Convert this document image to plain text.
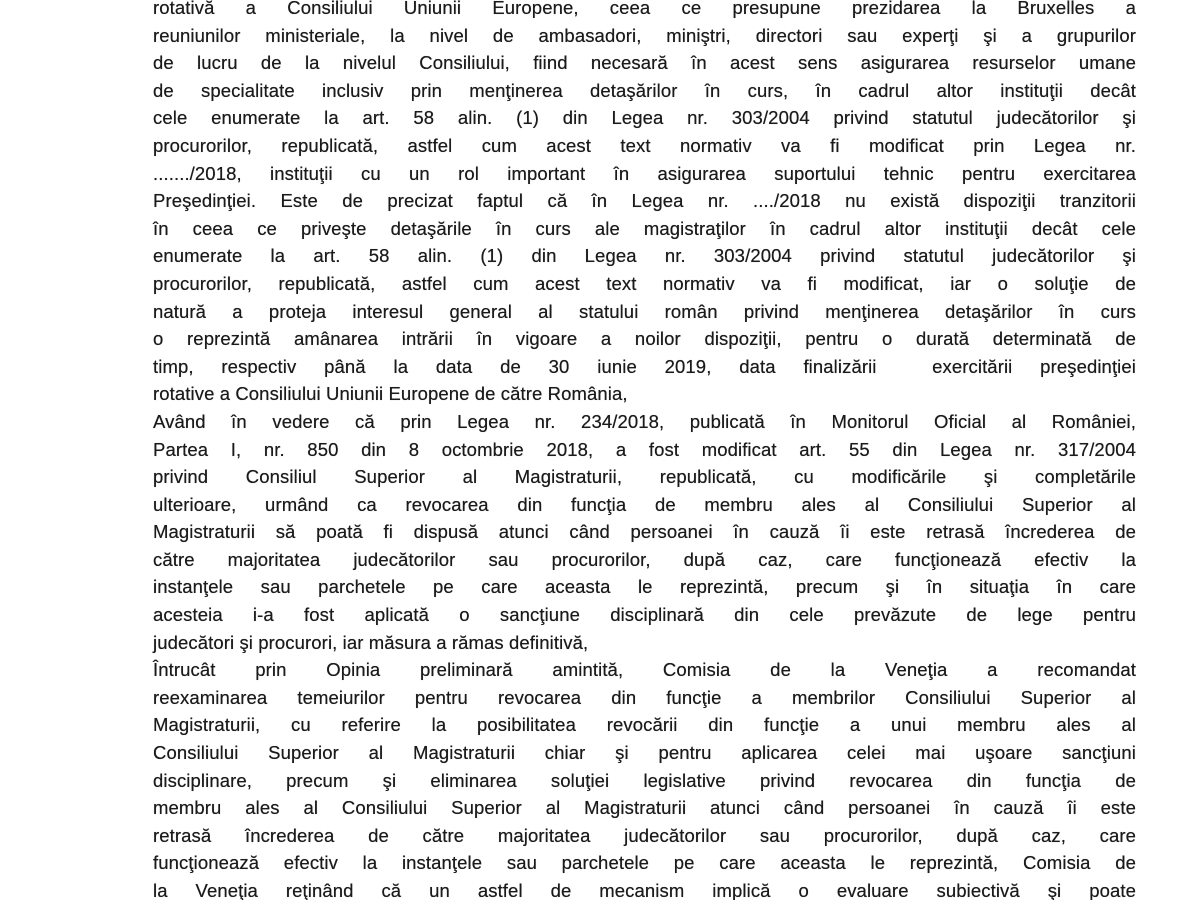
rotativă a Consiliului Uniunii Europene, ceea ce presupune prezidarea la Bruxelles a
reuniunilor ministeriale, la nivel de ambasadori, miniştri, directori sau experţi şi a grupurilor
de lucru de la nivelul Consiliului, fiind necesară în acest sens asigurarea resurselor umane
de specialitate inclusiv prin menţinerea detaşărilor în curs, în cadrul altor instituţii decât
cele enumerate la art. 58 alin. (1) din Legea nr. 303/2004 privind statutul judecătorilor şi
procurorilor, republicată, astfel cum acest text normativ va fi modificat prin Legea nr.
......./2018, instituţii cu un rol important în asigurarea suportului tehnic pentru exercitarea
Preşedinţiei. Este de precizat faptul că în Legea nr. ..../2018 nu există dispoziţii tranzitorii
în ceea ce priveşte detaşările în curs ale magistraţilor în cadrul altor instituţii decât cele
enumerate la art. 58 alin. (1) din Legea nr. 303/2004 privind statutul judecătorilor şi
procurorilor, republicată, astfel cum acest text normativ va fi modificat, iar o soluţie de
natură a proteja interesul general al statului român privind menţinerea detaşărilor în curs
o reprezintă amânarea intrării în vigoare a noilor dispoziţii, pentru o durată determinată de
timp, respectiv până la data de 30 iunie 2019, data finalizării  exercitării preşedinţiei
rotative a Consiliului Uniunii Europene de către România,
Având în vedere că prin Legea nr. 234/2018, publicată în Monitorul Oficial al României,
Partea I, nr. 850 din 8 octombrie 2018, a fost modificat art. 55 din Legea nr. 317/2004
privind Consiliul Superior al Magistraturii, republicată, cu modificările şi completările
ulterioare, urmând ca revocarea din funcţia de membru ales al Consiliului Superior al
Magistraturii să poată fi dispusă atunci când persoanei în cauză îi este retrasă încrederea de
către majoritatea judecătorilor sau procurorilor, după caz, care funcţionează efectiv la
instanţele sau parchetele pe care aceasta le reprezintă, precum şi în situaţia în care
acesteia i-a fost aplicată o sancţiune disciplinară din cele prevăzute de lege pentru
judecători şi procurori, iar măsura a rămas definitivă,
Întrucât prin Opinia preliminară amintită, Comisia de la Veneţia a recomandat
reexaminarea temeiurilor pentru revocarea din funcţie a membrilor Consiliului Superior al
Magistraturii, cu referire la posibilitatea revocării din funcţie a unui membru ales al
Consiliului Superior al Magistraturii chiar şi pentru aplicarea celei mai uşoare sancţiuni
disciplinare, precum şi eliminarea soluţiei legislative privind revocarea din funcţia de
membru ales al Consiliului Superior al Magistraturii atunci când persoanei în cauză îi este
retrasă încrederea de către majoritatea judecătorilor sau procurorilor, după caz, care
funcţionează efectiv la instanţele sau parchetele pe care aceasta le reprezintă, Comisia de
la Veneţia reţinând că un astfel de mecanism implică o evaluare subiectivă şi poate
